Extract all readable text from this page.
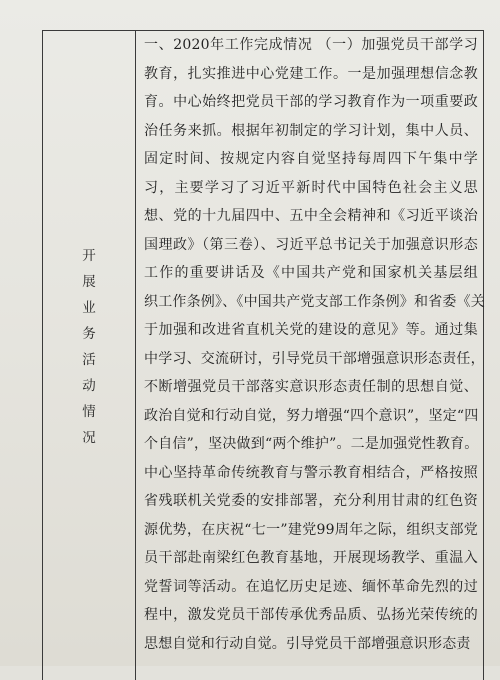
开
展
业
务
活
动
情
况
一、2020年工作完成情况 （一）加强党员干部学习
教育，扎实推进中心党建工作。一是加强理想信念教
育。中心始终把党员干部的学习教育作为一项重要政
治任务来抓。根据年初制定的学习计划，集中人员、
固定时间、按规定内容自觉坚持每周四下午集中学
习，主要学习了习近平新时代中国特色社会主义思
想、党的十九届四中、五中全会精神和《习近平谈治
国理政》（第三卷）、习近平总书记关于加强意识形态
工作的重要讲话及《中国共产党和国家机关基层组
织工作条例》、《中国共产党支部工作条例》和省委《关
于加强和改进省直机关党的建设的意见》等。通过集
中学习、交流研讨，引导党员干部增强意识形态责任，
不断增强党员干部落实意识形态责任制的思想自觉、
政治自觉和行动自觉，努力增强“四个意识”，坚定“四
个自信”，坚决做到“两个维护”。二是加强党性教育。
中心坚持革命传统教育与警示教育相结合，严格按照
省残联机关党委的安排部署，充分利用甘肃的红色资
源优势，在庆祝“七一”建党99周年之际，组织支部党
员干部赴南梁红色教育基地，开展现场教学、重温入
党誓词等活动。在追忆历史足迹、缅怀革命先烈的过
程中，激发党员干部传承优秀品质、弘扬光荣传统的
思想自觉和行动自觉。引导党员干部增强意识形态责
